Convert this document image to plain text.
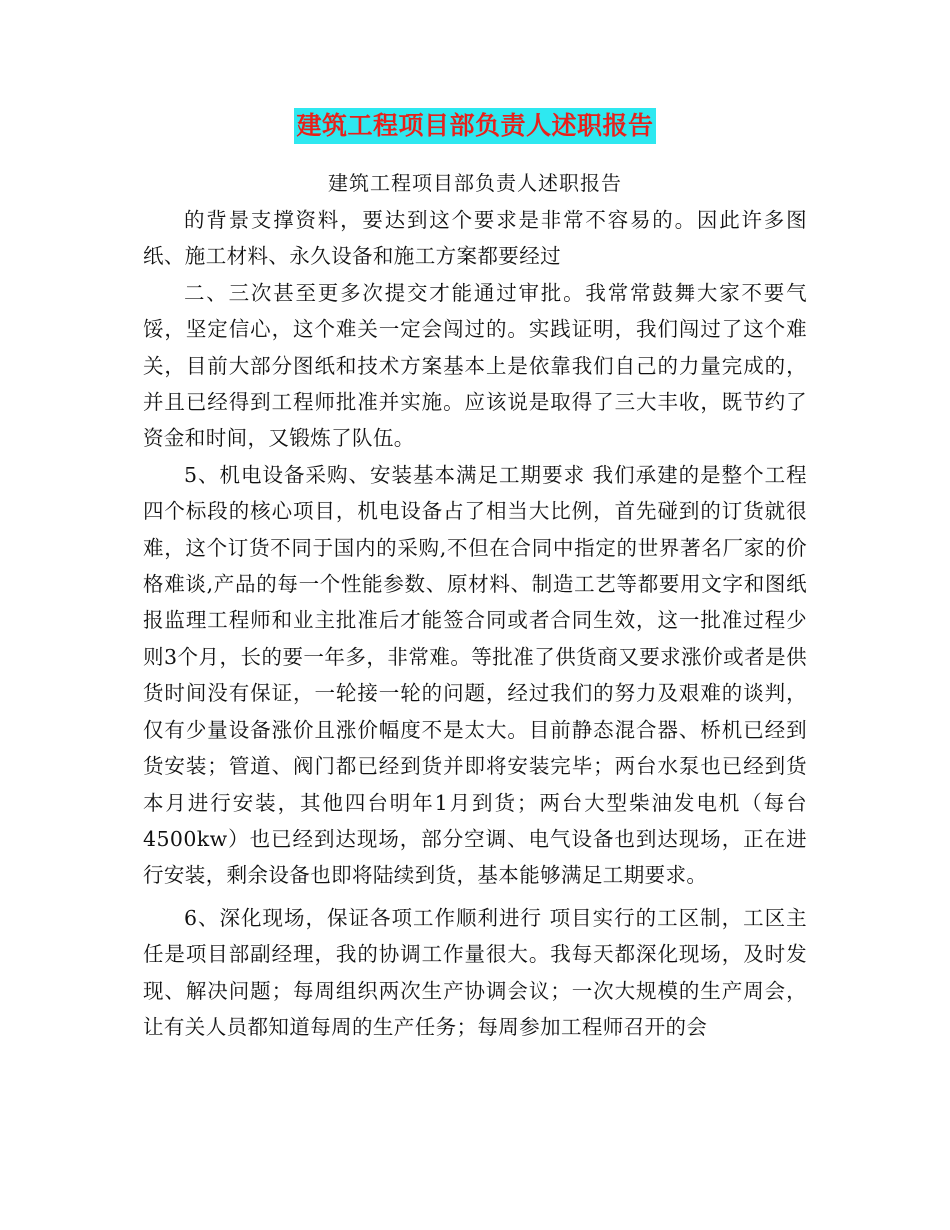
建筑工程项目部负责人述职报告
建筑工程项目部负责人述职报告

的背景支撑资料，要达到这个要求是非常不容易的。因此许多图纸、施工材料、永久设备和施工方案都要经过

二、三次甚至更多次提交才能通过审批。我常常鼓舞大家不要气馁，坚定信心，这个难关一定会闯过的。实践证明，我们闯过了这个难关，目前大部分图纸和技术方案基本上是依靠我们自己的力量完成的，并且已经得到工程师批准并实施。应该说是取得了三大丰收，既节约了资金和时间，又锻炼了队伍。

5、机电设备采购、安装基本满足工期要求 我们承建的是整个工程四个标段的核心项目，机电设备占了相当大比例，首先碰到的订货就很难，这个订货不同于国内的采购,不但在合同中指定的世界著名厂家的价格难谈,产品的每一个性能参数、原材料、制造工艺等都要用文字和图纸报监理工程师和业主批准后才能签合同或者合同生效，这一批准过程少则3个月，长的要一年多，非常难。等批准了供货商又要求涨价或者是供货时间没有保证，一轮接一轮的问题，经过我们的努力及艰难的谈判，仅有少量设备涨价且涨价幅度不是太大。目前静态混合器、桥机已经到货安装；管道、阀门都已经到货并即将安装完毕；两台水泵也已经到货本月进行安装，其他四台明年1月到货；两台大型柴油发电机（每台4500kw）也已经到达现场，部分空调、电气设备也到达现场，正在进行安装，剩余设备也即将陆续到货，基本能够满足工期要求。

6、深化现场，保证各项工作顺利进行 项目实行的工区制，工区主任是项目部副经理，我的协调工作量很大。我每天都深化现场，及时发现、解决问题；每周组织两次生产协调会议；一次大规模的生产周会，让有关人员都知道每周的生产任务；每周参加工程师召开的会
